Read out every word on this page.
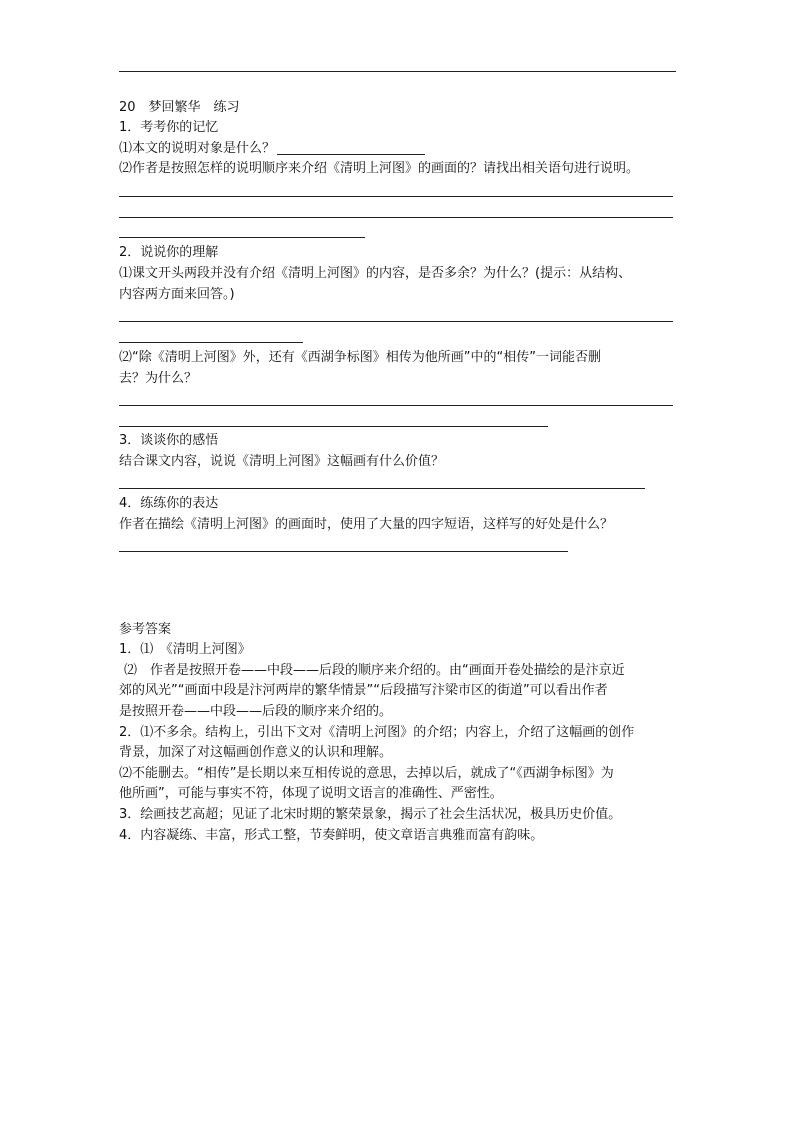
20　梦回繁华　练习
1．考考你的记忆
⑴本文的说明对象是什么？
⑵作者是按照怎样的说明顺序来介绍《清明上河图》的画面的？请找出相关语句进行说明。
2．说说你的理解
⑴课文开头两段并没有介绍《清明上河图》的内容，是否多余？为什么？(提示：从结构、
内容两方面来回答。)
⑵“除《清明上河图》外，还有《西湖争标图》相传为他所画”中的“相传”一词能否删
去？为什么？
3．谈谈你的感悟
结合课文内容，说说《清明上河图》这幅画有什么价值？
4．练练你的表达
作者在描绘《清明上河图》的画面时，使用了大量的四字短语，这样写的好处是什么？
参考答案
1．⑴　《清明上河图》
⑵　作者是按照开卷——中段——后段的顺序来介绍的。由“画面开卷处描绘的是汴京近
郊的风光”“画面中段是汴河两岸的繁华情景”“后段描写汴梁市区的街道”可以看出作者
是按照开卷——中段——后段的顺序来介绍的。
2．⑴不多余。结构上，引出下文对《清明上河图》的介绍；内容上，介绍了这幅画的创作
背景，加深了对这幅画创作意义的认识和理解。
⑵不能删去。“相传”是长期以来互相传说的意思，去掉以后，就成了“《西湖争标图》为
他所画”，可能与事实不符，体现了说明文语言的准确性、严密性。
3．绘画技艺高超；见证了北宋时期的繁荣景象，揭示了社会生活状况，极具历史价值。
4．内容凝练、丰富，形式工整，节奏鲜明，使文章语言典雅而富有韵味。
